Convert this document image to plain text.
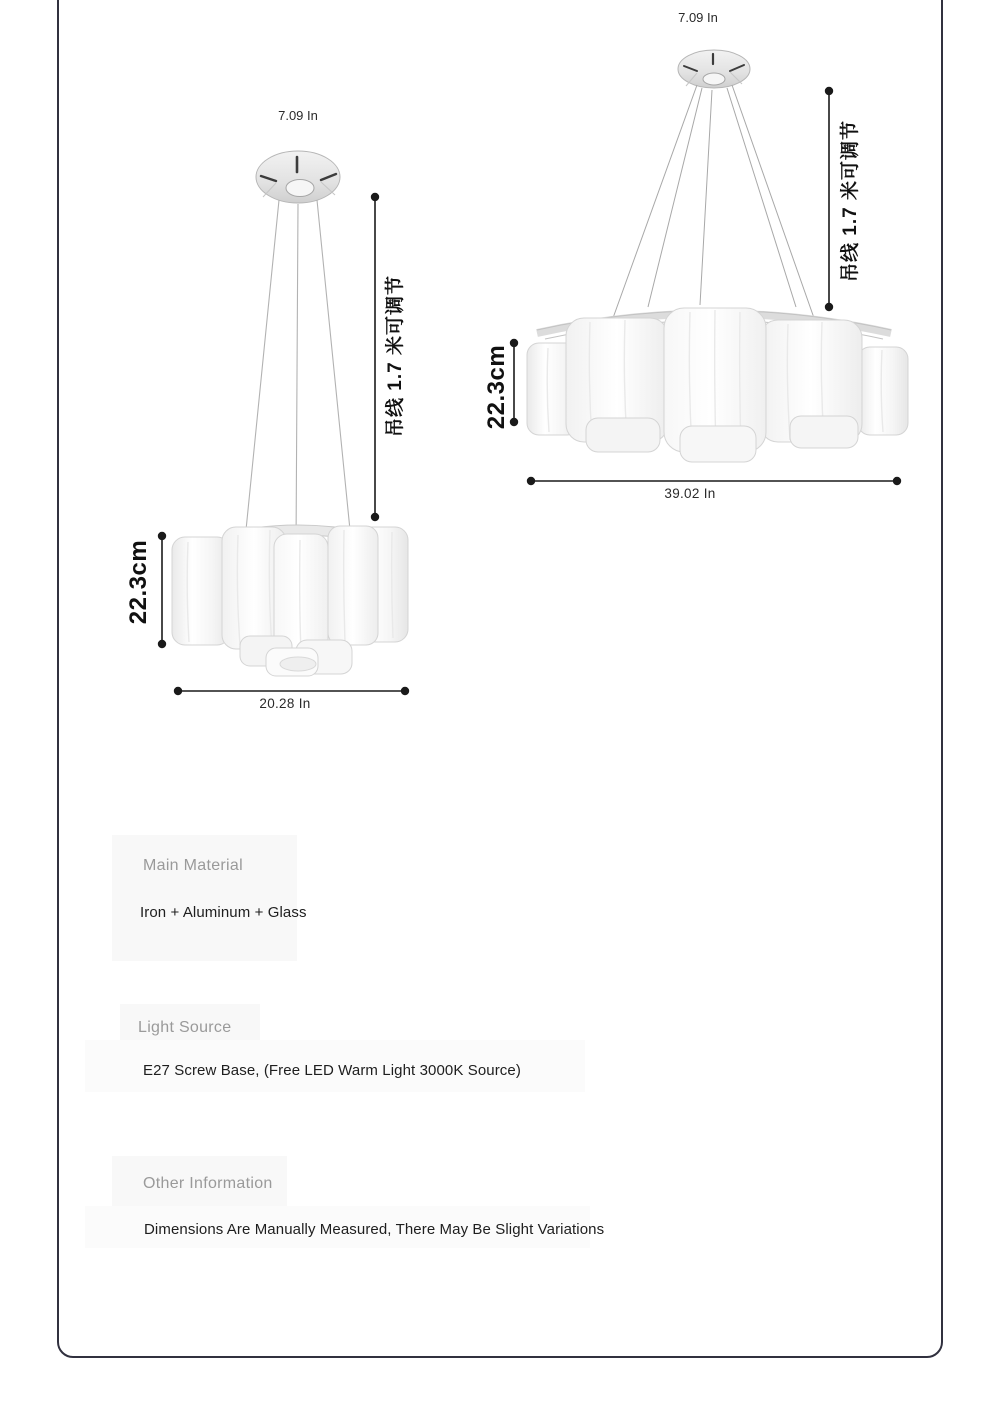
7.09 In
7.09 In
吊线 1.7 米可调节
吊线 1.7 米可调节
22.3cm
22.3cm
20.28 In
39.02 In
Main Material
Iron + Aluminum + Glass
Light Source
E27 Screw Base, (Free LED Warm Light 3000K Source)
Other Information
Dimensions Are Manually Measured, There May Be Slight Variations
